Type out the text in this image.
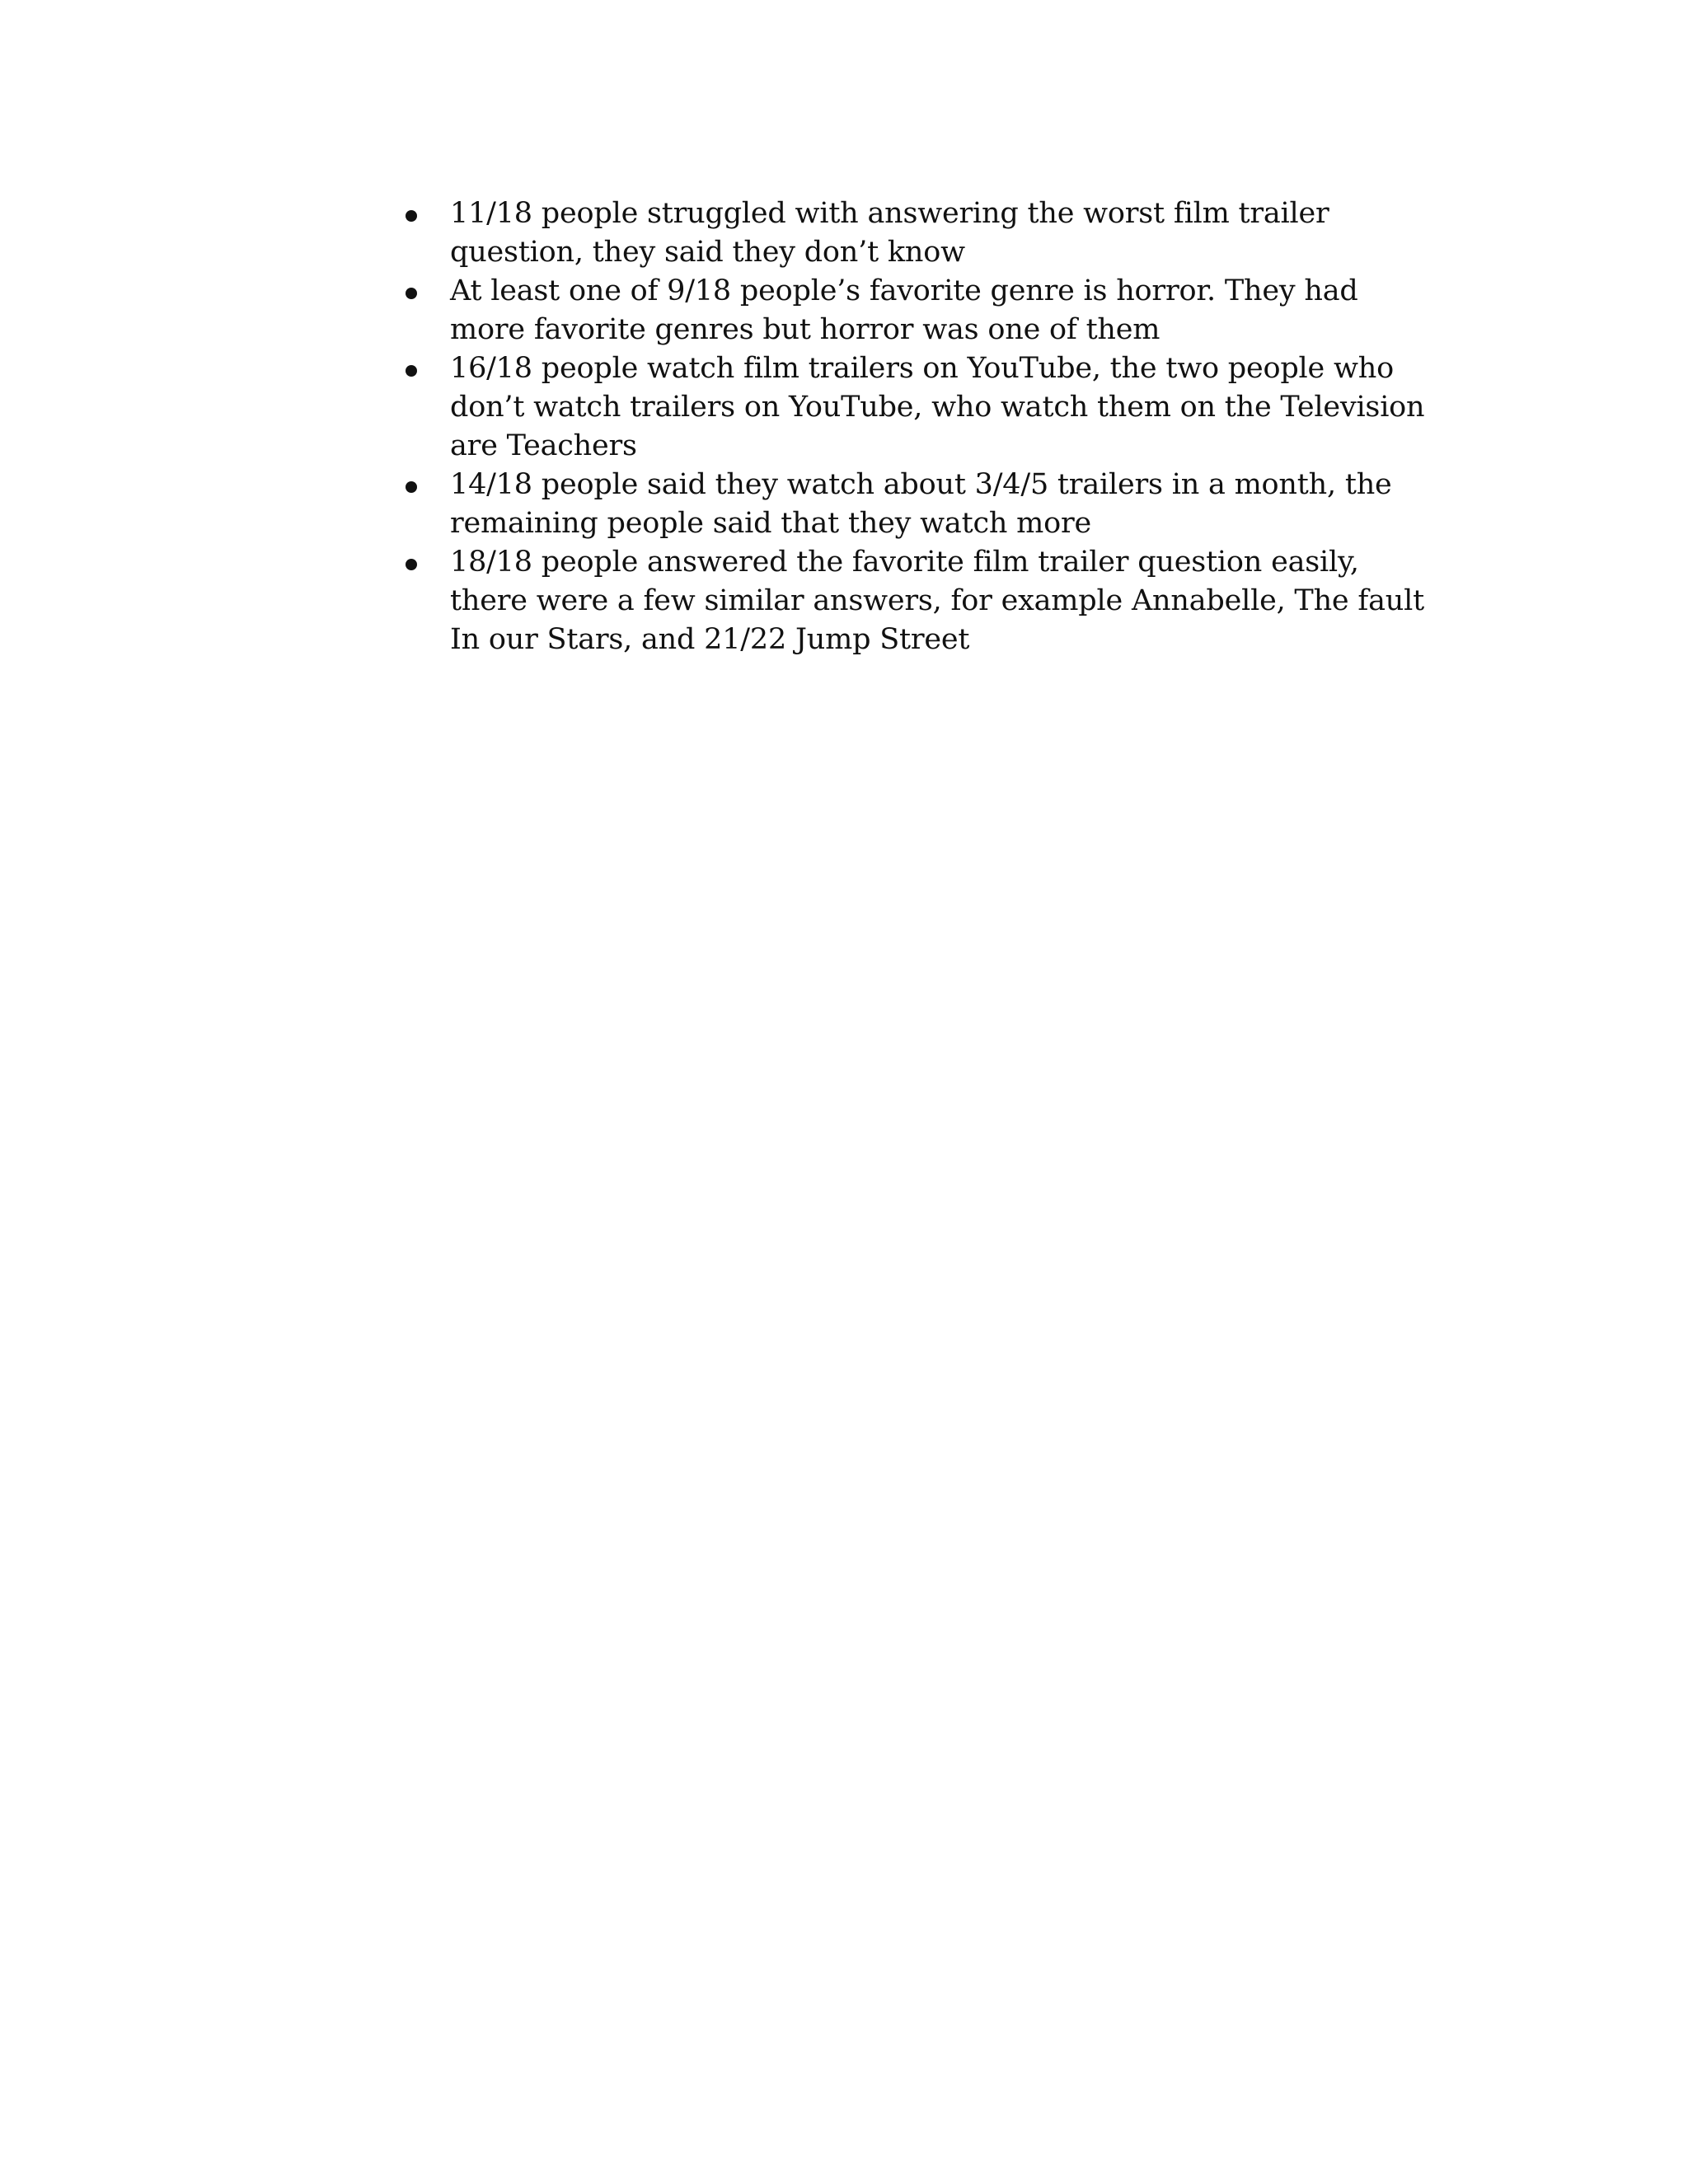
11/18 people struggled with answering the worst film trailer question, they said they don’t know
At least one of 9/18 people’s favorite genre is horror. They had more favorite genres but horror was one of them
16/18 people watch film trailers on YouTube, the two people who don’t watch trailers on YouTube, who watch them on the Television are Teachers
14/18 people said they watch about 3/4/5 trailers in a month, the remaining people said that they watch more
18/18 people answered the favorite film trailer question easily, there were a few similar answers, for example Annabelle, The fault In our Stars, and 21/22 Jump Street
